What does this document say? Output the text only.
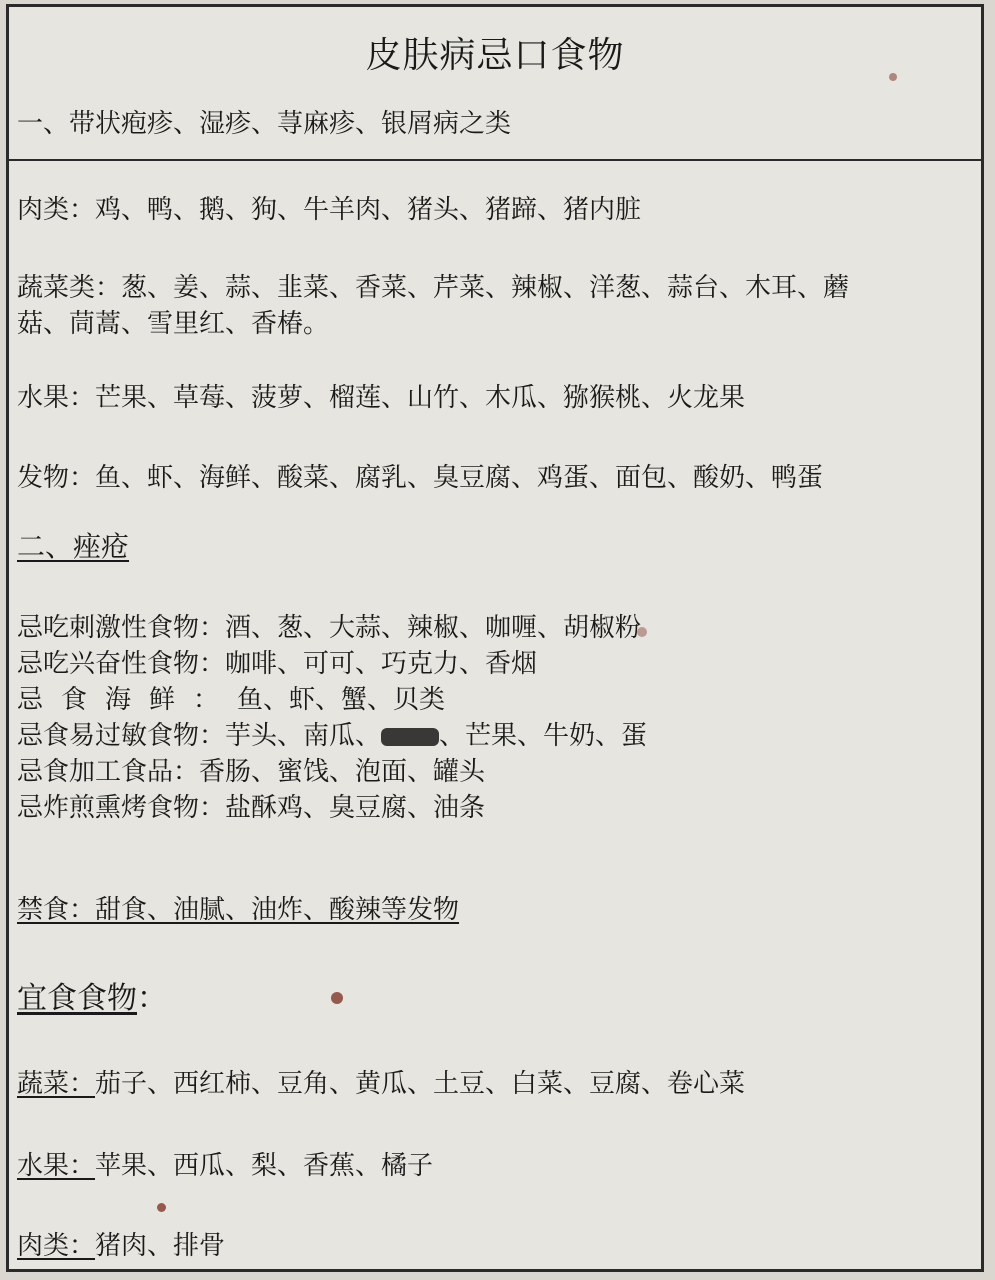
皮肤病忌口食物
一、带状疱疹、湿疹、荨麻疹、银屑病之类
肉类：鸡、鸭、鹅、狗、牛羊肉、猪头、猪蹄、猪内脏
蔬菜类：葱、姜、蒜、韭菜、香菜、芹菜、辣椒、洋葱、蒜台、木耳、蘑
菇、茼蒿、雪里红、香椿。
水果：芒果、草莓、菠萝、榴莲、山竹、木瓜、猕猴桃、火龙果
发物：鱼、虾、海鲜、酸菜、腐乳、臭豆腐、鸡蛋、面包、酸奶、鸭蛋
二、痤疮
忌吃刺激性食物：酒、葱、大蒜、辣椒、咖喱、胡椒粉
忌吃兴奋性食物：咖啡、可可、巧克力、香烟
忌食海鲜：鱼、虾、蟹、贝类
忌食易过敏食物：芋头、南瓜、 、芒果、牛奶、蛋
忌食加工食品：香肠、蜜饯、泡面、罐头
忌炸煎熏烤食物：盐酥鸡、臭豆腐、油条
禁食：甜食、油腻、油炸、酸辣等发物
宜食食物：
蔬菜：茄子、西红柿、豆角、黄瓜、土豆、白菜、豆腐、卷心菜
水果：苹果、西瓜、梨、香蕉、橘子
肉类：猪肉、排骨
